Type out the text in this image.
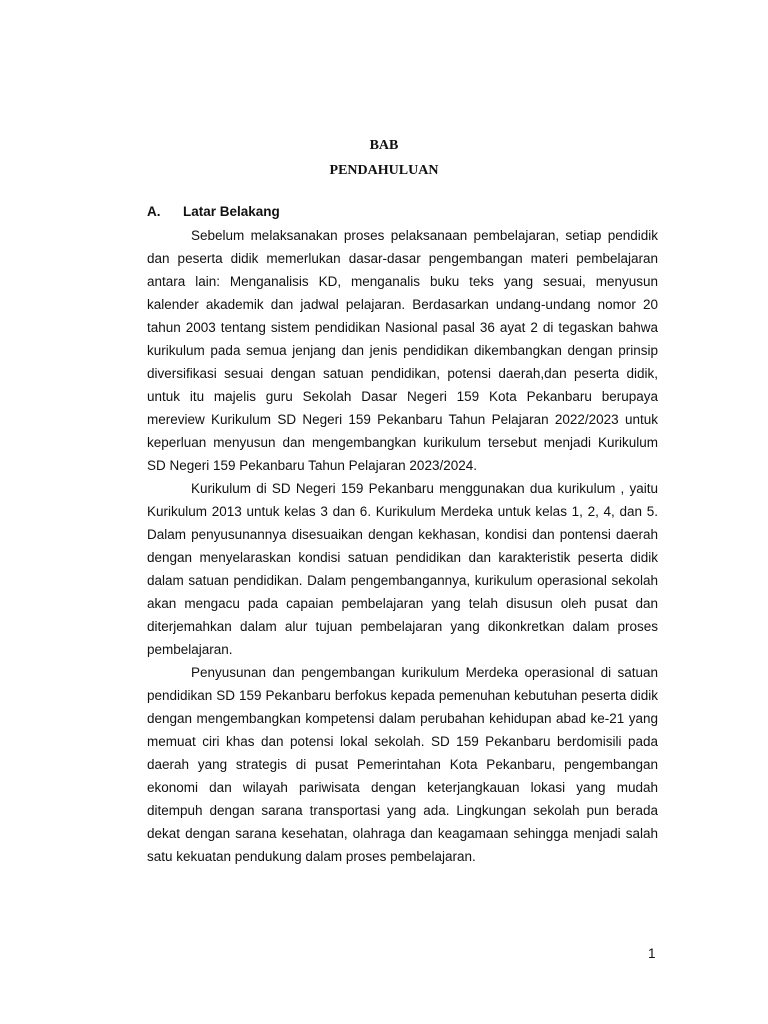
BAB

PENDAHULUAN

A. Latar Belakang

Sebelum melaksanakan proses pelaksanaan pembelajaran, setiap pendidik dan peserta didik memerlukan dasar-dasar pengembangan materi pembelajaran antara lain: Menganalisis KD, menganalis buku teks yang sesuai, menyusun kalender akademik dan jadwal pelajaran. Berdasarkan undang-undang nomor 20 tahun 2003 tentang sistem pendidikan Nasional pasal 36 ayat 2 di tegaskan bahwa kurikulum pada semua jenjang dan jenis pendidikan dikembangkan dengan prinsip diversifikasi sesuai dengan satuan pendidikan, potensi daerah,dan peserta didik, untuk itu majelis guru Sekolah Dasar Negeri 159 Kota Pekanbaru berupaya mereview Kurikulum SD Negeri 159 Pekanbaru Tahun Pelajaran 2022/2023 untuk keperluan menyusun dan mengembangkan kurikulum tersebut menjadi Kurikulum SD Negeri 159 Pekanbaru Tahun Pelajaran 2023/2024.

Kurikulum di SD Negeri 159 Pekanbaru menggunakan dua kurikulum , yaitu Kurikulum 2013 untuk kelas 3 dan 6. Kurikulum Merdeka untuk kelas 1, 2, 4, dan 5. Dalam penyusunannya disesuaikan dengan kekhasan, kondisi dan pontensi daerah dengan menyelaraskan kondisi satuan pendidikan dan karakteristik peserta didik dalam satuan pendidikan. Dalam pengembangannya, kurikulum operasional sekolah akan mengacu pada capaian pembelajaran yang telah disusun oleh pusat dan diterjemahkan dalam alur tujuan pembelajaran yang dikonkretkan dalam proses pembelajaran.

Penyusunan dan pengembangan kurikulum Merdeka operasional di satuan pendidikan SD 159 Pekanbaru berfokus kepada pemenuhan kebutuhan peserta didik dengan mengembangkan kompetensi dalam perubahan kehidupan abad ke-21 yang memuat ciri khas dan potensi lokal sekolah. SD 159 Pekanbaru berdomisili pada daerah yang strategis di pusat Pemerintahan Kota Pekanbaru, pengembangan ekonomi dan wilayah pariwisata dengan keterjangkauan lokasi yang mudah ditempuh dengan sarana transportasi yang ada. Lingkungan sekolah pun berada dekat dengan sarana kesehatan, olahraga dan keagamaan sehingga menjadi salah satu kekuatan pendukung dalam proses pembelajaran.

1
